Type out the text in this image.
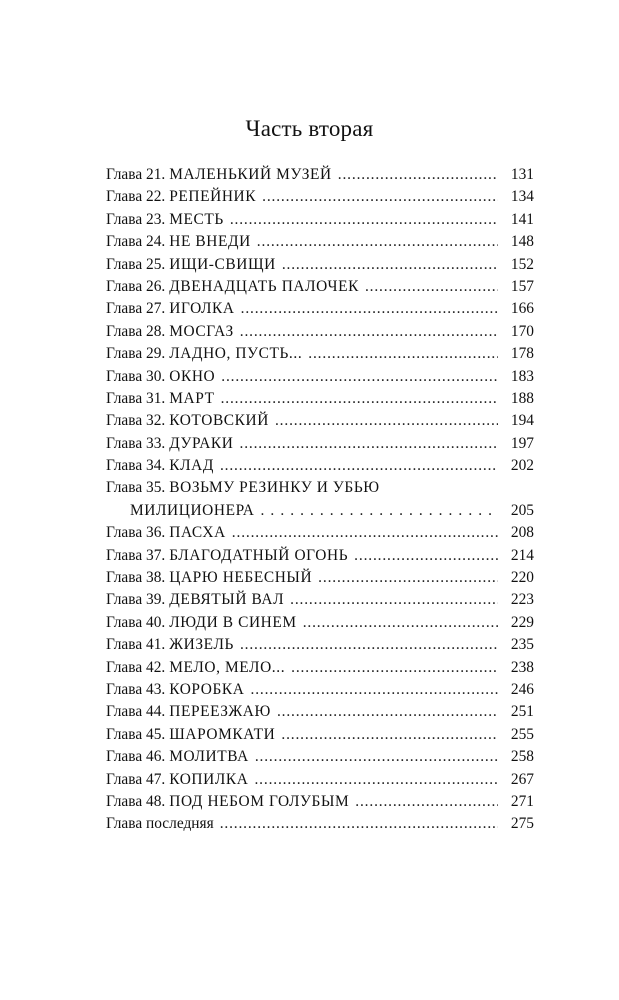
Часть вторая
Глава 21. МАЛЕНЬКИЙ МУЗЕЙ . . .	131
Глава 22. РЕПЕЙНИК . . .	134
Глава 23. МЕСТЬ . . .	141
Глава 24. НЕ ВНЕДИ . . .	148
Глава 25. ИЩИ-СВИЩИ . . .	152
Глава 26. ДВЕНАДЦАТЬ ПАЛОЧЕК . . .	157
Глава 27. ИГОЛКА . . .	166
Глава 28. МОСГАЗ . . .	170
Глава 29. ЛАДНО, ПУСТЬ... . . .	178
Глава 30. ОКНО . . .	183
Глава 31. МАРТ . . .	188
Глава 32. КОТОВСКИЙ . . .	194
Глава 33. ДУРАКИ . . .	197
Глава 34. КЛАД . . .	202
Глава 35. ВОЗЬМУ РЕЗИНКУ И УБЬЮ
МИЛИЦИОНЕРА . . .	205
Глава 36. ПАСХА . . .	208
Глава 37. БЛАГОДАТНЫЙ ОГОНЬ . . .	214
Глава 38. ЦАРЮ НЕБЕСНЫЙ . . .	220
Глава 39. ДЕВЯТЫЙ ВАЛ . . .	223
Глава 40. ЛЮДИ В СИНЕМ . . .	229
Глава 41. ЖИЗЕЛЬ . . .	235
Глава 42. МЕЛО, МЕЛО... . . .	238
Глава 43. КОРОБКА . . .	246
Глава 44. ПЕРЕЕЗЖАЮ . . .	251
Глава 45. ШАРОМКАТИ . . .	255
Глава 46. МОЛИТВА . . .	258
Глава 47. КОПИЛКА . . .	267
Глава 48. ПОД НЕБОМ ГОЛУБЫМ . . .	271
Глава последняя . . .	275
